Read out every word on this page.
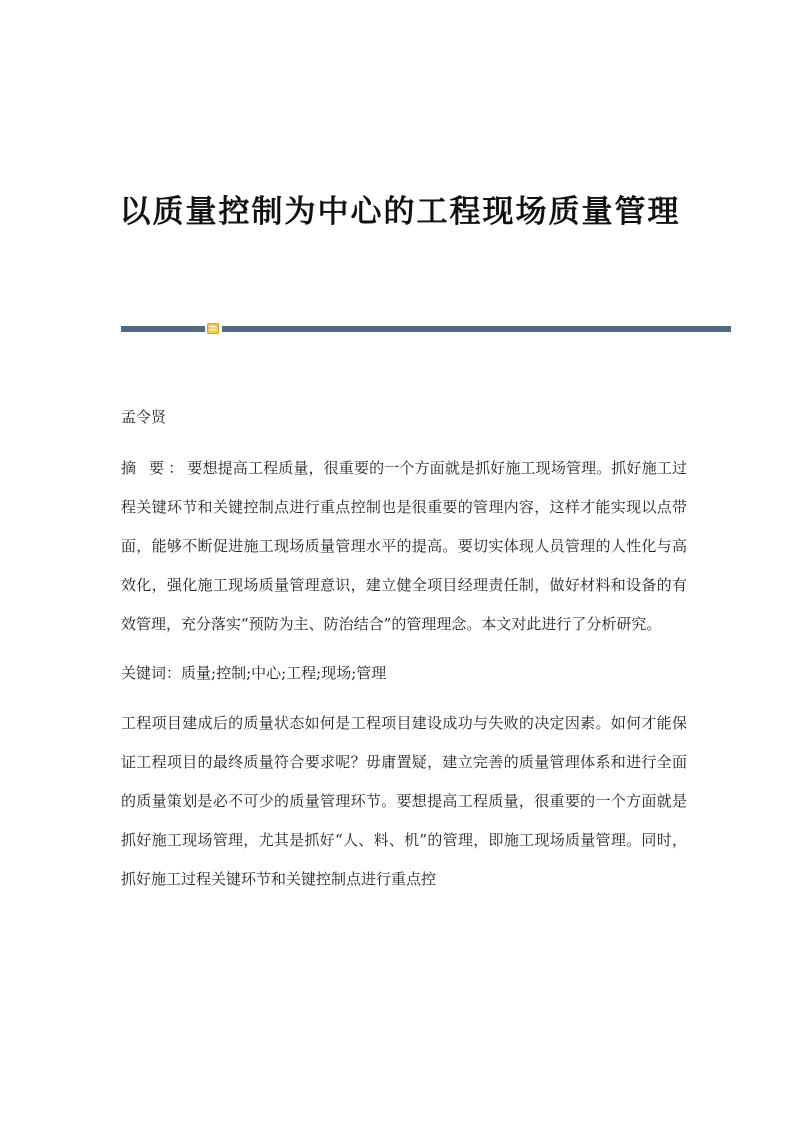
以质量控制为中心的工程现场质量管理

孟令贤

摘 要：要想提高工程质量，很重要的一个方面就是抓好施工现场管理。抓好施工过程关键环节和关键控制点进行重点控制也是很重要的管理内容，这样才能实现以点带面，能够不断促进施工现场质量管理水平的提高。要切实体现人员管理的人性化与高效化，强化施工现场质量管理意识，建立健全项目经理责任制，做好材料和设备的有效管理，充分落实“预防为主、防治结合”的管理理念。本文对此进行了分析研究。

关键词：质量;控制;中心;工程;现场;管理

工程项目建成后的质量状态如何是工程项目建设成功与失败的决定因素。如何才能保证工程项目的最终质量符合要求呢？毋庸置疑，建立完善的质量管理体系和进行全面的质量策划是必不可少的质量管理环节。要想提高工程质量，很重要的一个方面就是抓好施工现场管理，尤其是抓好“人、料、机”的管理，即施工现场质量管理。同时，抓好施工过程关键环节和关键控制点进行重点控
